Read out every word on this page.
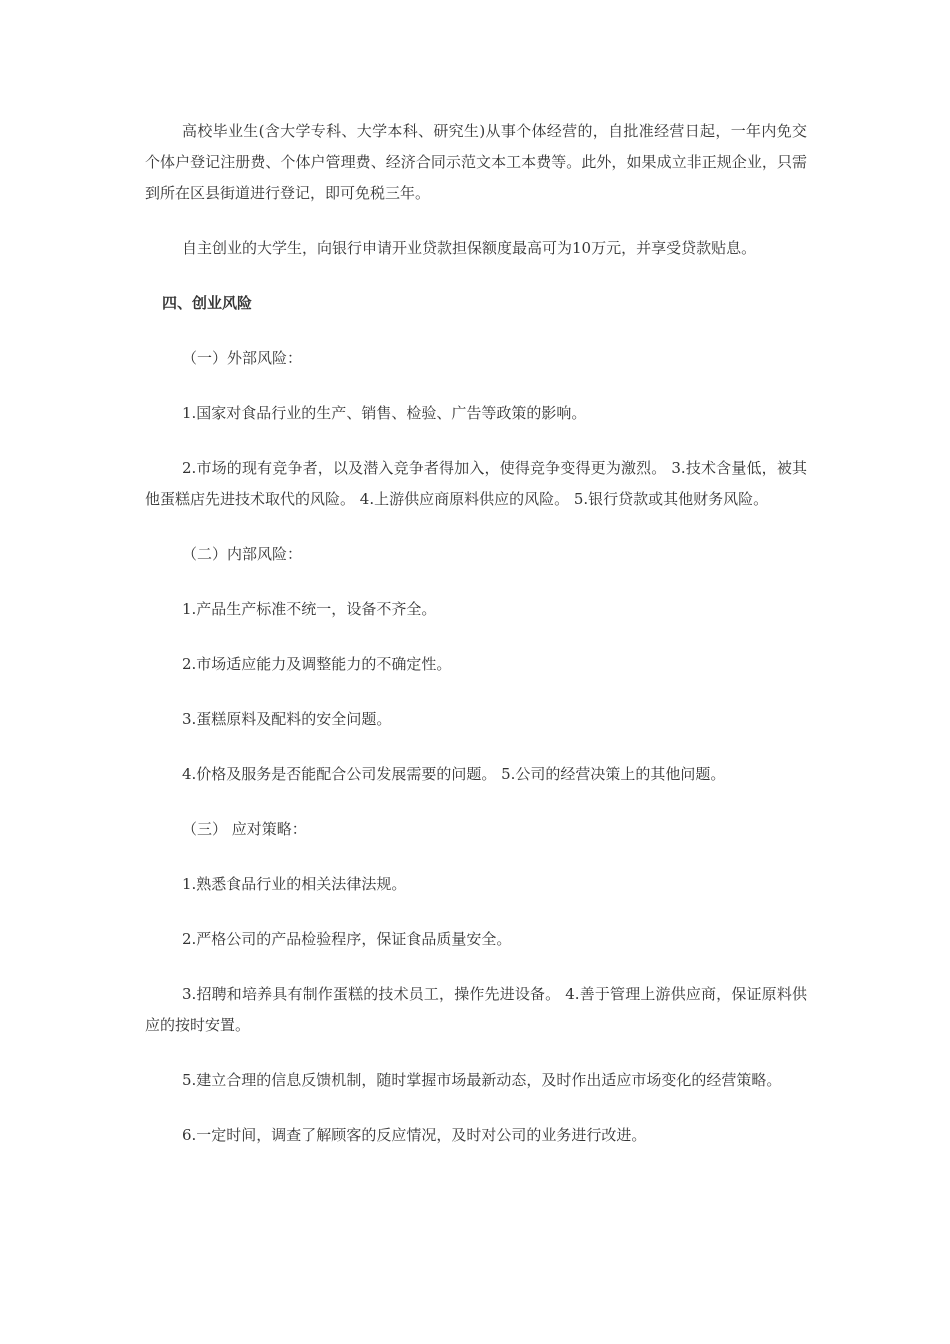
高校毕业生(含大学专科、大学本科、研究生)从事个体经营的，自批准经营日起，一年内免交个体户登记注册费、个体户管理费、经济合同示范文本工本费等。此外，如果成立非正规企业，只需到所在区县街道进行登记，即可免税三年。

自主创业的大学生，向银行申请开业贷款担保额度最高可为10万元，并享受贷款贴息。

四、创业风险

（一）外部风险：

1.国家对食品行业的生产、销售、检验、广告等政策的影响。

2.市场的现有竞争者，以及潜入竞争者得加入，使得竞争变得更为激烈。 3.技术含量低，被其他蛋糕店先进技术取代的风险。 4.上游供应商原料供应的风险。 5.银行贷款或其他财务风险。

（二）内部风险：

1.产品生产标准不统一，设备不齐全。

2.市场适应能力及调整能力的不确定性。

3.蛋糕原料及配料的安全问题。

4.价格及服务是否能配合公司发展需要的问题。 5.公司的经营决策上的其他问题。

（三） 应对策略：

1.熟悉食品行业的相关法律法规。

2.严格公司的产品检验程序，保证食品质量安全。

3.招聘和培养具有制作蛋糕的技术员工，操作先进设备。 4.善于管理上游供应商，保证原料供应的按时安置。

5.建立合理的信息反馈机制，随时掌握市场最新动态，及时作出适应市场变化的经营策略。

6.一定时间，调查了解顾客的反应情况，及时对公司的业务进行改进。
